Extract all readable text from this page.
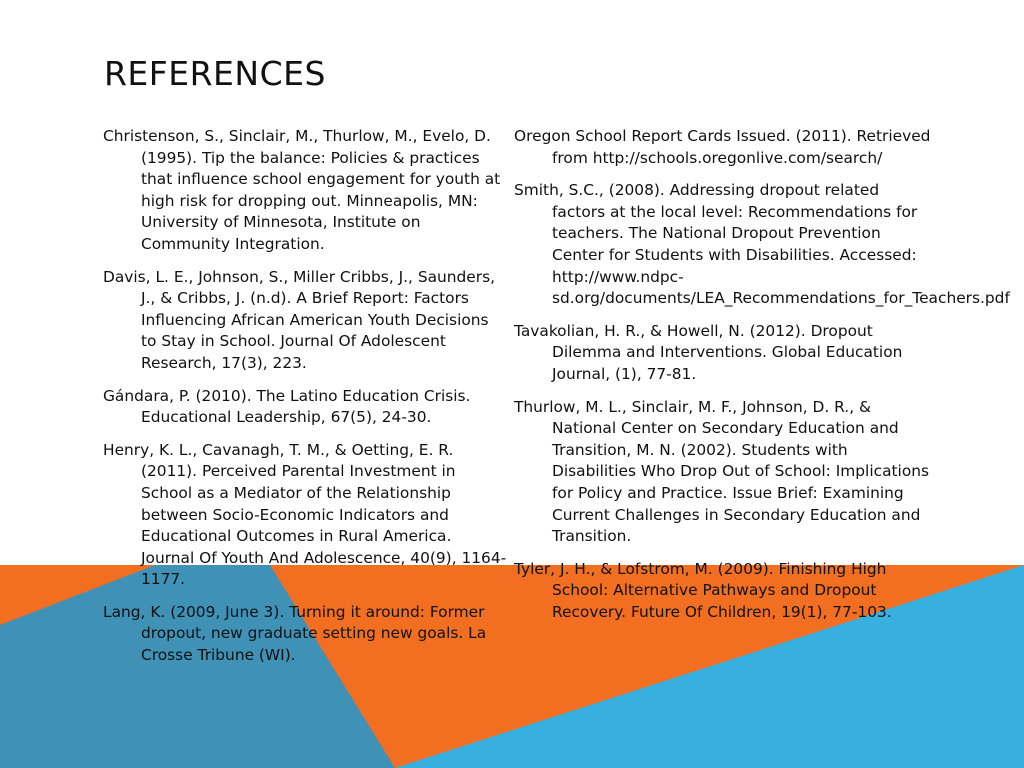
REFERENCES
Christenson, S., Sinclair, M., Thurlow, M., Evelo, D. (1995). Tip the balance: Policies & practices that influence school engagement for youth at high risk for dropping out. Minneapolis, MN: University of Minnesota, Institute on Community Integration.
Davis, L. E., Johnson, S., Miller Cribbs, J., Saunders, J., & Cribbs, J. (n.d). A Brief Report: Factors Influencing African American Youth Decisions to Stay in School. Journal Of Adolescent Research, 17(3), 223.
Gándara, P. (2010). The Latino Education Crisis. Educational Leadership, 67(5), 24-30.
Henry, K. L., Cavanagh, T. M., & Oetting, E. R. (2011). Perceived Parental Investment in School as a Mediator of the Relationship between Socio-Economic Indicators and Educational Outcomes in Rural America. Journal Of Youth And Adolescence, 40(9), 1164-1177.
Lang, K. (2009, June 3). Turning it around: Former dropout, new graduate setting new goals. La Crosse Tribune (WI).
Oregon School Report Cards Issued. (2011). Retrieved from http://schools.oregonlive.com/search/
Smith, S.C., (2008). Addressing dropout related factors at the local level: Recommendations for teachers. The National Dropout Prevention Center for Students with Disabilities. Accessed: http://www.ndpc-sd.org/documents/LEA_Recommendations_for_Teachers.pdf
Tavakolian, H. R., & Howell, N. (2012). Dropout Dilemma and Interventions. Global Education Journal, (1), 77-81.
Thurlow, M. L., Sinclair, M. F., Johnson, D. R., & National Center on Secondary Education and Transition, M. N. (2002). Students with Disabilities Who Drop Out of School: Implications for Policy and Practice. Issue Brief: Examining Current Challenges in Secondary Education and Transition.
Tyler, J. H., & Lofstrom, M. (2009). Finishing High School: Alternative Pathways and Dropout Recovery. Future Of Children, 19(1), 77-103.
